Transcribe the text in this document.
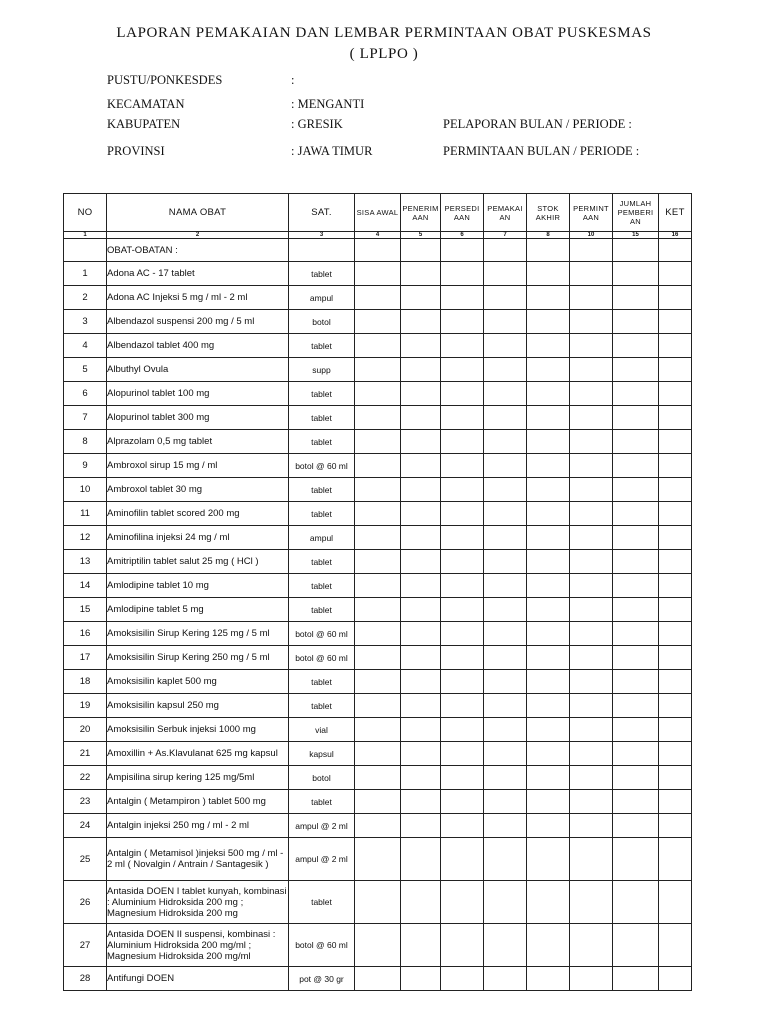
LAPORAN PEMAKAIAN DAN LEMBAR PERMINTAAN OBAT PUSKESMAS
( LPLPO )
PUSTU/PONKESDES	:
KECAMATAN	: MENGANTI
KABUPATEN	: GRESIK
PROVINSI	: JAWA TIMUR
PELAPORAN BULAN / PERIODE :
PERMINTAAN BULAN / PERIODE :
NO	NAMA OBAT	SAT.	SISA AWAL	PENERIM AAN	PERSEDI AAN	PEMAKAI AN	STOK AKHIR	PERMINT AAN	JUMLAH PEMBERI AN	KET
1	2	3	4	5	6	7	8	10	15	16
	OBAT-OBATAN :									
1	Adona AC - 17 tablet	tablet								
2	Adona AC Injeksi 5 mg / ml - 2 ml	ampul								
3	Albendazol suspensi 200 mg / 5 ml	botol								
4	Albendazol tablet 400 mg	tablet								
5	Albuthyl Ovula	supp								
6	Alopurinol tablet 100 mg	tablet								
7	Alopurinol tablet 300 mg	tablet								
8	Alprazolam 0,5 mg tablet	tablet								
9	Ambroxol sirup 15 mg / ml	botol @ 60 ml								
10	Ambroxol tablet 30 mg	tablet								
11	Aminofilin tablet scored 200 mg	tablet								
12	Aminofilina injeksi 24 mg / ml	ampul								
13	Amitriptilin tablet salut 25 mg ( HCl )	tablet								
14	Amlodipine tablet 10 mg	tablet								
15	Amlodipine tablet 5 mg	tablet								
16	Amoksisilin Sirup Kering 125 mg / 5 ml	botol @ 60 ml								
17	Amoksisilin Sirup Kering 250 mg / 5 ml	botol @ 60 ml								
18	Amoksisilin kaplet 500 mg	tablet								
19	Amoksisilin kapsul 250 mg	tablet								
20	Amoksisilin Serbuk injeksi 1000 mg	vial								
21	Amoxillin + As.Klavulanat 625 mg kapsul	kapsul								
22	Ampisilina sirup kering 125 mg/5ml	botol								
23	Antalgin ( Metampiron ) tablet 500 mg	tablet								
24	Antalgin injeksi 250 mg / ml - 2 ml	ampul @ 2 ml								
25	Antalgin ( Metamisol )injeksi 500 mg / ml - 2 ml ( Novalgin / Antrain / Santagesik )	ampul @ 2 ml								
26	Antasida DOEN I tablet kunyah, kombinasi : Aluminium Hidroksida 200 mg ; Magnesium Hidroksida 200 mg	tablet								
27	Antasida DOEN II suspensi, kombinasi : Aluminium Hidroksida 200 mg/ml ; Magnesium Hidroksida 200 mg/ml	botol @ 60 ml								
28	Antifungi DOEN	pot @ 30 gr								
